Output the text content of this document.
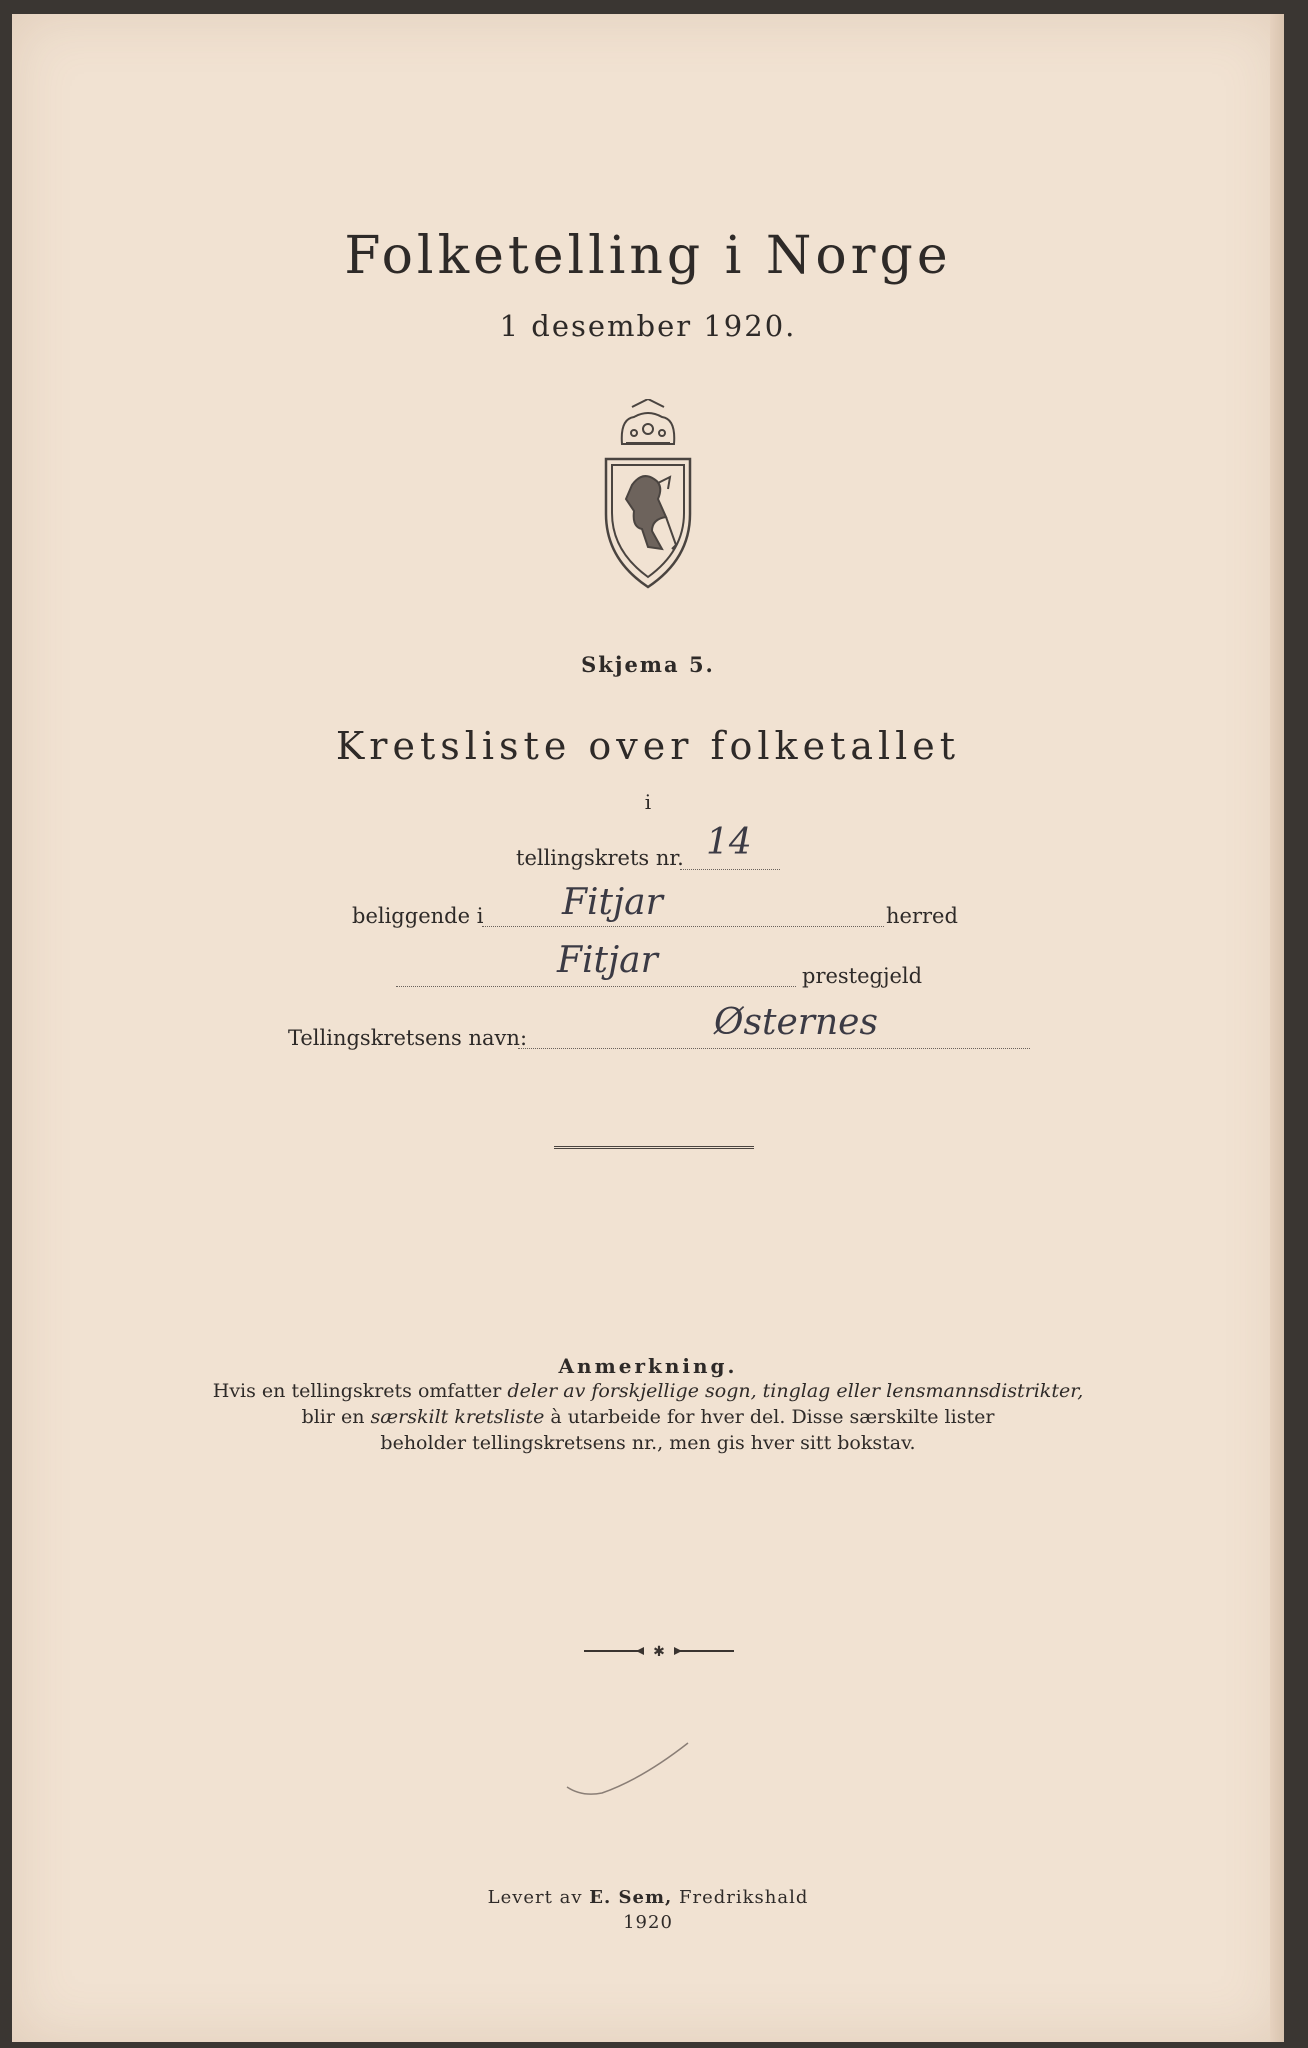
Folketelling i Norge
1 desember 1920.
Skjema 5.
Kretsliste over folketallet
i
tellingskrets nr. 14
beliggende i Fitjar	herred
Fitjar	prestegjeld
Tellingskretsens navn:	Østernes
Anmerkning.
Hvis en tellingskrets omfatter deler av forskjellige sogn, tinglag eller lensmannsdistrikter,
blir en særskilt kretsliste à utarbeide for hver del. Disse særskilte lister
beholder tellingskretsens nr., men gis hver sitt bokstav.
✱
Levert av E. Sem, Fredrikshald
1920
